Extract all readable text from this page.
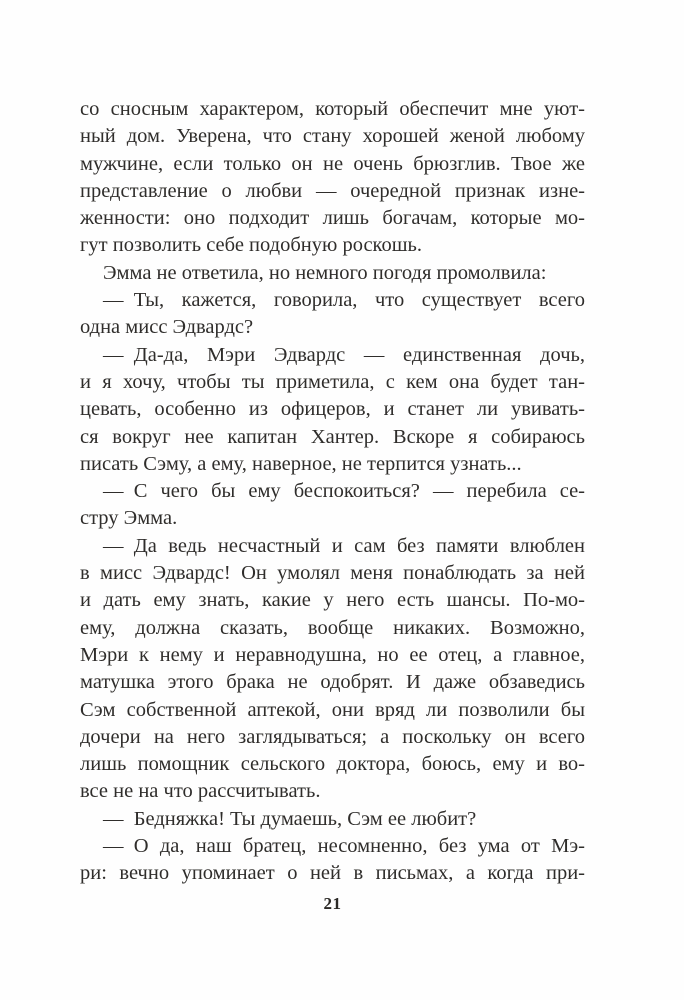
со сносным характером, который обеспечит мне уют-
ный дом. Уверена, что стану хорошей женой любому
мужчине, если только он не очень брюзглив. Твое же
представление о любви — очередной признак изне-
женности: оно подходит лишь богачам, которые мо-
гут позволить себе подобную роскошь.
Эмма не ответила, но немного погодя промолвила:
— Ты, кажется, говорила, что существует всего
одна мисс Эдвардс?
— Да-да, Мэри Эдвардс — единственная дочь,
и я хочу, чтобы ты приметила, с кем она будет тан-
цевать, особенно из офицеров, и станет ли увивать-
ся вокруг нее капитан Хантер. Вскоре я собираюсь
писать Сэму, а ему, наверное, не терпится узнать...
— С чего бы ему беспокоиться? — перебила се-
стру Эмма.
— Да ведь несчастный и сам без памяти влюблен
в мисс Эдвардс! Он умолял меня понаблюдать за ней
и дать ему знать, какие у него есть шансы. По-мо-
ему, должна сказать, вообще никаких. Возможно,
Мэри к нему и неравнодушна, но ее отец, а главное,
матушка этого брака не одобрят. И даже обзаведись
Сэм собственной аптекой, они вряд ли позволили бы
дочери на него заглядываться; а поскольку он всего
лишь помощник сельского доктора, боюсь, ему и во-
все не на что рассчитывать.
— Бедняжка! Ты думаешь, Сэм ее любит?
— О да, наш братец, несомненно, без ума от Мэ-
ри: вечно упоминает о ней в письмах, а когда при-
21
